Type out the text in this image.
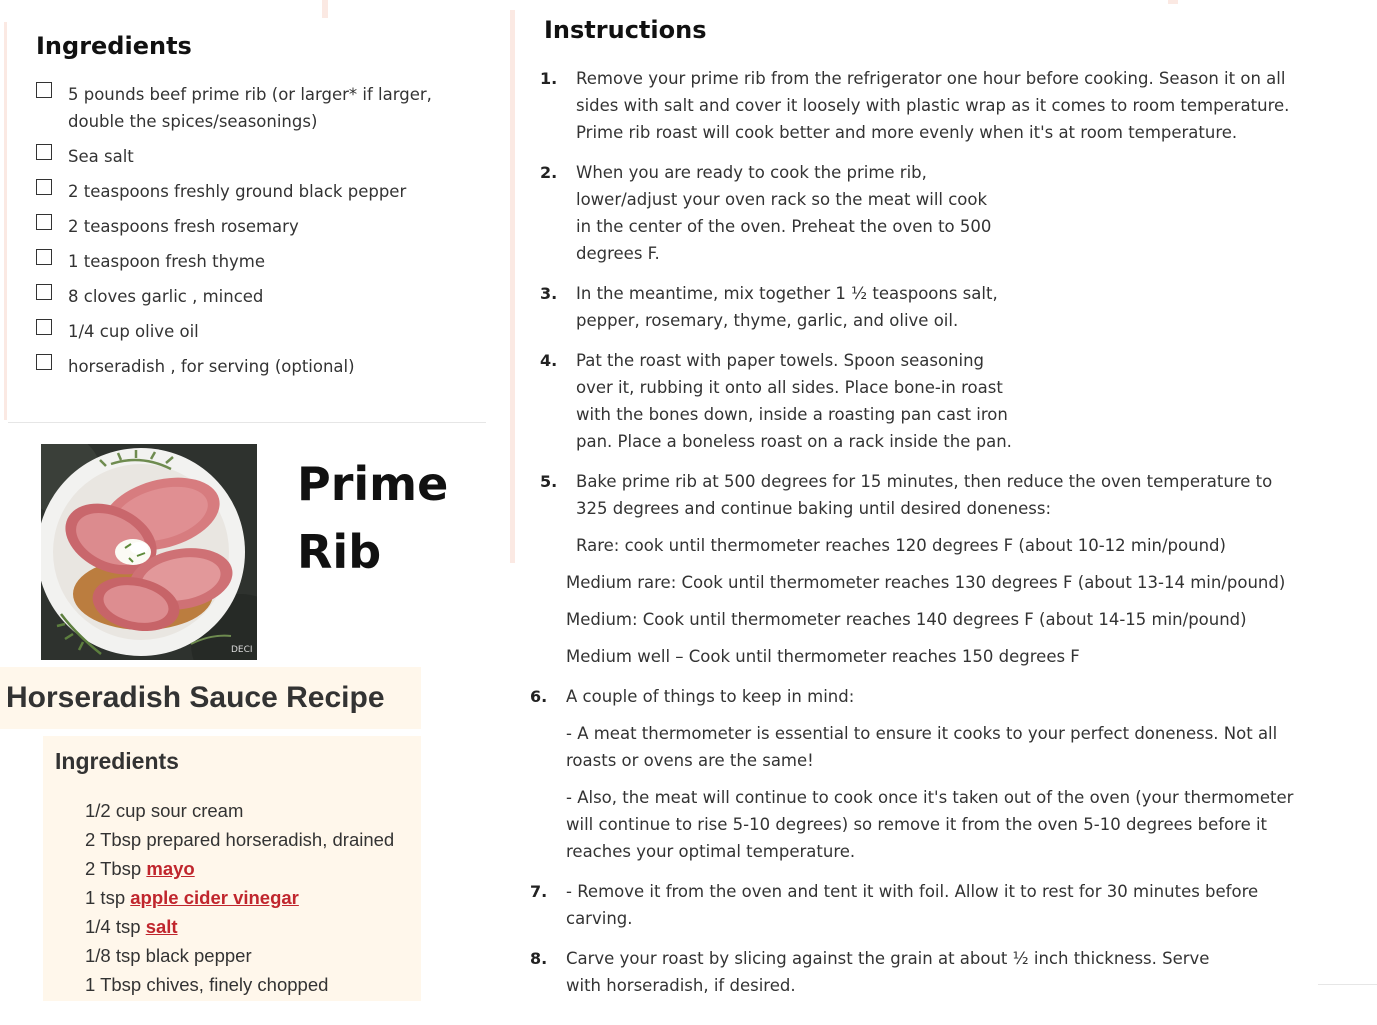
Ingredients
5 pounds beef prime rib (or larger* if larger, double the spices/seasonings)
Sea salt
2 teaspoons freshly ground black pepper
2 teaspoons fresh rosemary
1 teaspoon fresh thyme
8 cloves garlic , minced
1/4 cup olive oil
horseradish , for serving (optional)
DECI
Prime
Rib
Horseradish Sauce Recipe
Ingredients
1/2 cup sour cream
2 Tbsp prepared horseradish, drained
2 Tbsp mayo
1 tsp apple cider vinegar
1/4 tsp salt
1/8 tsp black pepper
1 Tbsp chives, finely chopped
Instructions
1. Remove your prime rib from the refrigerator one hour before cooking. Season it on all sides with salt and cover it loosely with plastic wrap as it comes to room temperature. Prime rib roast will cook better and more evenly when it's at room temperature.

2. When you are ready to cook the prime rib, lower/adjust your oven rack so the meat will cook in the center of the oven. Preheat the oven to 500 degrees F.

3. In the meantime, mix together 1 ½ teaspoons salt, pepper, rosemary, thyme, garlic, and olive oil.

4. Pat the roast with paper towels. Spoon seasoning over it, rubbing it onto all sides. Place bone-in roast with the bones down, inside a roasting pan cast iron pan. Place a boneless roast on a rack inside the pan.

5. Bake prime rib at 500 degrees for 15 minutes, then reduce the oven temperature to 325 degrees and continue baking until desired doneness:

Rare: cook until thermometer reaches 120 degrees F (about 10-12 min/pound)

Medium rare: Cook until thermometer reaches 130 degrees F (about 13-14 min/pound)

Medium: Cook until thermometer reaches 140 degrees F (about 14-15 min/pound)

Medium well – Cook until thermometer reaches 150 degrees F

6. A couple of things to keep in mind:

- A meat thermometer is essential to ensure it cooks to your perfect doneness. Not all roasts or ovens are the same!

- Also, the meat will continue to cook once it's taken out of the oven (your thermometer will continue to rise 5-10 degrees) so remove it from the oven 5-10 degrees before it reaches your optimal temperature.

7. - Remove it from the oven and tent it with foil. Allow it to rest for 30 minutes before carving.

8. Carve your roast by slicing against the grain at about ½ inch thickness. Serve with horseradish, if desired.
